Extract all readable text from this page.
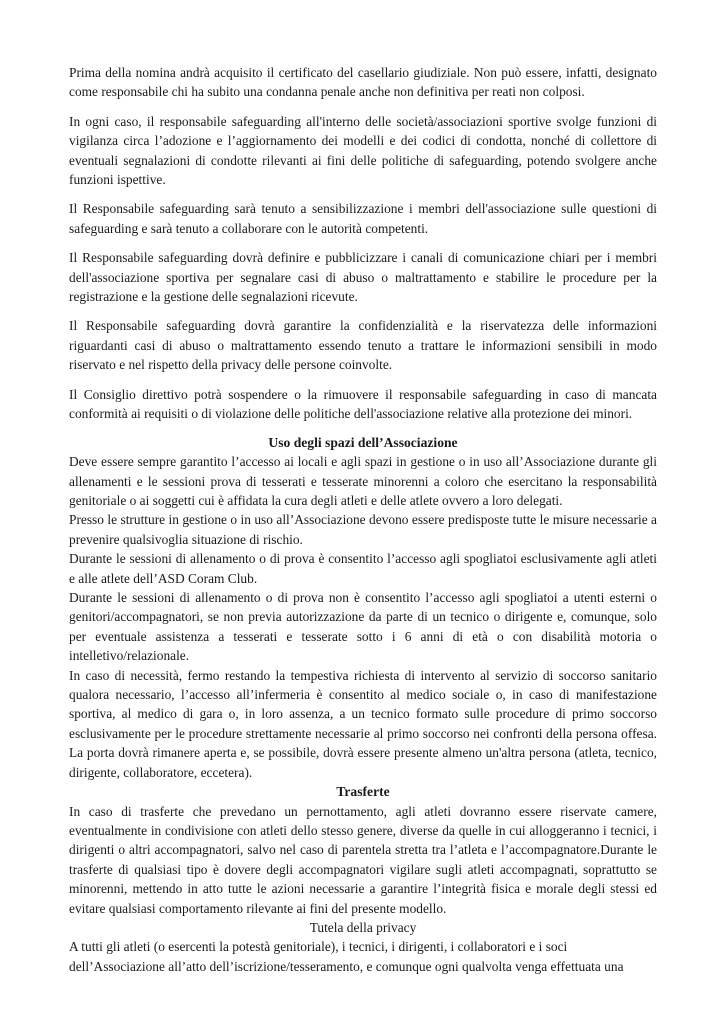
Prima della nomina andrà acquisito il certificato del casellario giudiziale. Non può essere, infatti, designato come responsabile chi ha subito una condanna penale anche non definitiva per reati non colposi.

In ogni caso, il responsabile safeguarding all'interno delle società/associazioni sportive svolge funzioni di vigilanza circa l’adozione e l’aggiornamento dei modelli e dei codici di condotta, nonché di collettore di eventuali segnalazioni di condotte rilevanti ai fini delle politiche di safeguarding, potendo svolgere anche funzioni ispettive.

Il Responsabile safeguarding sarà tenuto a sensibilizzazione i membri dell'associazione sulle questioni di safeguarding e sarà tenuto a collaborare con le autorità competenti.

Il Responsabile safeguarding dovrà definire e pubblicizzare i canali di comunicazione chiari per i membri dell'associazione sportiva per segnalare casi di abuso o maltrattamento e stabilire le procedure per la registrazione e la gestione delle segnalazioni ricevute.

Il Responsabile safeguarding dovrà garantire la confidenzialità e la riservatezza delle informazioni riguardanti casi di abuso o maltrattamento essendo tenuto a trattare le informazioni sensibili in modo riservato e nel rispetto della privacy delle persone coinvolte.

Il Consiglio direttivo potrà sospendere o la rimuovere il responsabile safeguarding in caso di mancata conformità ai requisiti o di violazione delle politiche dell'associazione relative alla protezione dei minori.

Uso degli spazi dell’Associazione

Deve essere sempre garantito l’accesso ai locali e agli spazi in gestione o in uso all’Associazione durante gli allenamenti e le sessioni prova di tesserati e tesserate minorenni a coloro che esercitano la responsabilità genitoriale o ai soggetti cui è affidata la cura degli atleti e delle atlete ovvero a loro delegati.

Presso le strutture in gestione o in uso all’Associazione devono essere predisposte tutte le misure necessarie a prevenire qualsivoglia situazione di rischio.

Durante le sessioni di allenamento o di prova è consentito l’accesso agli spogliatoi esclusivamente agli atleti e alle atlete dell’ASD Coram Club.

Durante le sessioni di allenamento o di prova non è consentito l’accesso agli spogliatoi a utenti esterni o genitori/accompagnatori, se non previa autorizzazione da parte di un tecnico o dirigente e, comunque, solo per eventuale assistenza a tesserati e tesserate sotto i 6 anni di età o con disabilità motoria o intelletivo/relazionale.

In caso di necessità, fermo restando la tempestiva richiesta di intervento al servizio di soccorso sanitario qualora necessario, l’accesso all’infermeria è consentito al medico sociale o, in caso di manifestazione sportiva, al medico di gara o, in loro assenza, a un tecnico formato sulle procedure di primo soccorso esclusivamente per le procedure strettamente necessarie al primo soccorso nei confronti della persona offesa. La porta dovrà rimanere aperta e, se possibile, dovrà essere presente almeno un'altra persona (atleta, tecnico, dirigente, collaboratore, eccetera).

Trasferte

In caso di trasferte che prevedano un pernottamento, agli atleti dovranno essere riservate camere, eventualmente in condivisione con atleti dello stesso genere, diverse da quelle in cui alloggeranno i tecnici, i dirigenti o altri accompagnatori, salvo nel caso di parentela stretta tra l’atleta e l’accompagnatore.Durante le trasferte di qualsiasi tipo è dovere degli accompagnatori vigilare sugli atleti accompagnati, soprattutto se minorenni, mettendo in atto tutte le azioni necessarie a garantire l’integrità fisica e morale degli stessi ed evitare qualsiasi comportamento rilevante ai fini del presente modello.

Tutela della privacy

A tutti gli atleti (o esercenti la potestà genitoriale), i tecnici, i dirigenti, i collaboratori e i soci

dell’Associazione all’atto dell’iscrizione/tesseramento, e comunque ogni qualvolta venga effettuata una
